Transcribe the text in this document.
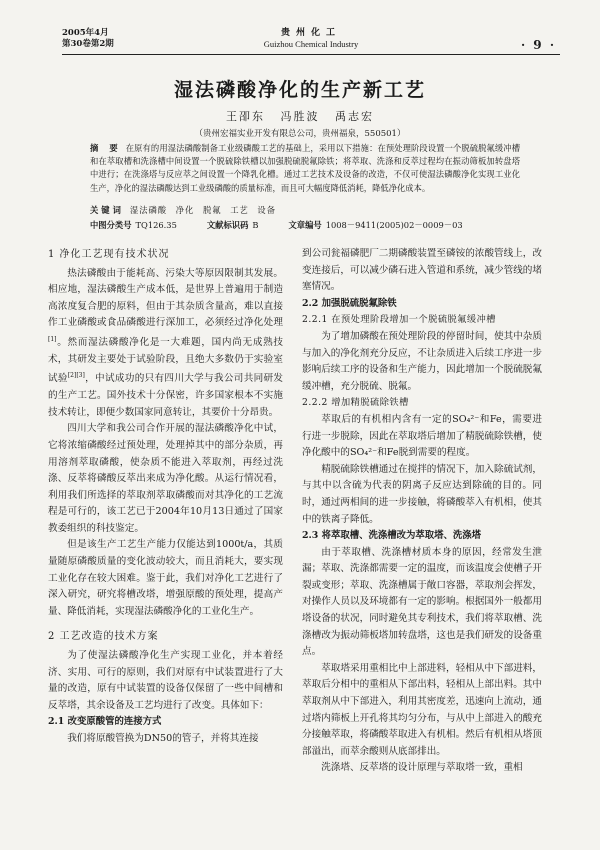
2005年4月
第30卷第2期
贵州化工
Guizhou Chemical Industry	· 9 ·
湿法磷酸净化的生产新工艺
王卲东 冯胜波 禹志宏
（贵州宏福实业开发有限总公司，贵州福泉，550501）
摘 要 在原有的用湿法磷酸制备工业级磷酸工艺的基础上，采用以下措施：在预处理阶段设置一个脱硫脱氟缓冲槽和在萃取槽和洗涤槽中间设置一个脱硫除铁槽以加强脱硫脱氟除铁；将萃取、洗涤和反萃过程均在振动筛板加转盘塔中进行；在洗涤塔与反应萃之间设置一个降乳化槽。通过工艺技术及设备的改造，不仅可使湿法磷酸净化实现工业化生产，净化的湿法磷酸达到工业级磷酸的质量标准，而且可大幅度降低消耗，降低净化成本。
关键词 湿法磷酸 净化 脱氟 工艺 设备
中图分类号 TQ126.35	文献标识码 B	文章编号 1008－9411(2005)02－0009－03
1 净化工艺现有技术状况

热法磷酸由于能耗高、污染大等原因限制其发展。相应地，湿法磷酸生产成本低，是世界上普遍用于制造高浓度复合肥的原料，但由于其杂质含量高，难以直接作工业磷酸或食品磷酸进行深加工，必须经过净化处理[1]。然而湿法磷酸净化是一大难题，国内尚无成熟技术，其研发主要处于试验阶段，且绝大多数仍于实验室试验[2][3]，中试成功的只有四川大学与我公司共同研发的生产工艺。国外技术十分保密，许多国家根本不实施技术转让，即便少数国家同意转让，其要价十分昂贵。

四川大学和我公司合作开展的湿法磷酸净化中试，它将浓缩磷酸经过预处理，处理掉其中的部分杂质，再用溶剂萃取磷酸，使杂质不能进入萃取剂，再经过洗涤、反萃将磷酸反萃出来成为净化酸。从运行情况看，利用我们所选择的萃取剂萃取磷酸而对其净化的工艺流程是可行的，该工艺已于2004年10月13日通过了国家教委组织的科技鉴定。

但是该生产工艺生产能力仅能达到1000t/a，其质量随原磷酸质量的变化波动较大，而且消耗大，要实现工业化存在较大困难。鉴于此，我们对净化工艺进行了深入研究，研究将槽改塔，增强原酸的预处理，提高产量、降低消耗，实现湿法磷酸净化的工业化生产。

2 工艺改造的技术方案

为了使湿法磷酸净化生产实现工业化，并本着经济、实用、可行的原则，我们对原有中试装置进行了大量的改造，原有中试装置的设备仅保留了一些中间槽和反萃塔，其余设备及工艺均进行了改变。具体如下：

2.1 改变原酸管的连接方式

我们将原酸管换为DN50的管子，并将其连接

到公司瓮福磷肥厂二期磷酸装置至磷铵的浓酸管线上，改变连接后，可以减少磷石进入管道和系统，减少管线的堵塞情况。

2.2 加强脱硫脱氟除铁
2.2.1 在预处理阶段增加一个脱硫脱氟缓冲槽

为了增加磷酸在预处理阶段的停留时间，使其中杂质与加入的净化剂充分反应，不让杂质进入后续工序进一步影响后续工序的设备和生产能力，因此增加一个脱硫脱氟缓冲槽，充分脱硫、脱氟。

2.2.2 增加精脱硫除铁槽

萃取后的有机相内含有一定的SO₄²⁻和Fe，需要进行进一步脱除，因此在萃取塔后增加了精脱硫除铁槽，使净化酸中的SO₄²⁻和Fe脱到需要的程度。

精脱硫除铁槽通过在搅拌的情况下，加入除硫试剂，与其中以含硫为代表的阴离子反应达到除硫的目的。同时，通过两相间的进一步接触，将磷酸萃入有机相，使其中的铁离子降低。

2.3 将萃取槽、洗涤槽改为萃取塔、洗涤塔

由于萃取槽、洗涤槽材质本身的原因，经常发生泄漏；萃取、洗涤都需要一定的温度，而该温度会使槽子开裂或变形；萃取、洗涤槽属于敞口容器，萃取剂会挥发，对操作人员以及环境都有一定的影响。根据国外一般都用塔设备的状况，同时避免其专利技术，我们将萃取槽、洗涤槽改为振动筛板塔加转盘塔，这也是我们研发的设备重点。

萃取塔采用重相比中上部进料，轻相从中下部进料，萃取后分相中的重相从下部出料，轻相从上部出料。其中萃取剂从中下部进入，利用其密度差，迅速向上流动，通过塔内筛板上开孔将其均匀分布，与从中上部进入的酸充分接触萃取，将磷酸萃取进入有机相。然后有机相从塔顶部溢出，而萃余酸则从底部排出。

洗涤塔、反萃塔的设计原理与萃取塔一致，重相
